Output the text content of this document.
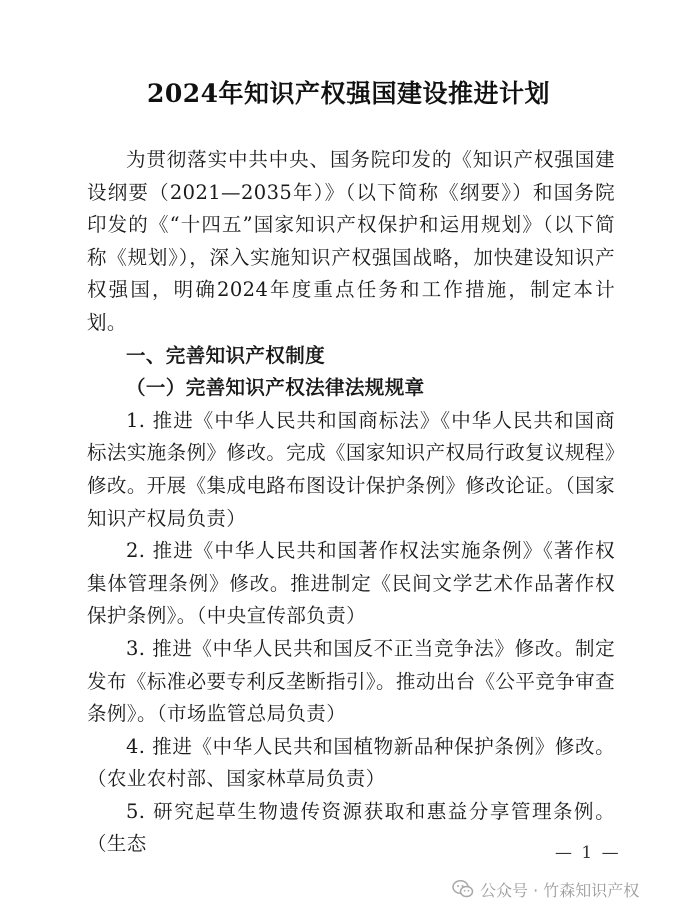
2024年知识产权强国建设推进计划

为贯彻落实中共中央、国务院印发的《知识产权强国建设纲要（2021—2035年）》（以下简称《纲要》）和国务院印发的《“十四五”国家知识产权保护和运用规划》（以下简称《规划》），深入实施知识产权强国战略，加快建设知识产权强国，明确2024年度重点任务和工作措施，制定本计划。

一、完善知识产权制度

（一）完善知识产权法律法规规章

1. 推进《中华人民共和国商标法》《中华人民共和国商标法实施条例》修改。完成《国家知识产权局行政复议规程》修改。开展《集成电路布图设计保护条例》修改论证。（国家知识产权局负责）

2. 推进《中华人民共和国著作权法实施条例》《著作权集体管理条例》修改。推进制定《民间文学艺术作品著作权保护条例》。（中央宣传部负责）

3. 推进《中华人民共和国反不正当竞争法》修改。制定发布《标准必要专利反垄断指引》。推动出台《公平竞争审查条例》。（市场监管总局负责）

4. 推进《中华人民共和国植物新品种保护条例》修改。（农业农村部、国家林草局负责）

5. 研究起草生物遗传资源获取和惠益分享管理条例。（生态	— 1 —
公众号 · 竹森知识产权
